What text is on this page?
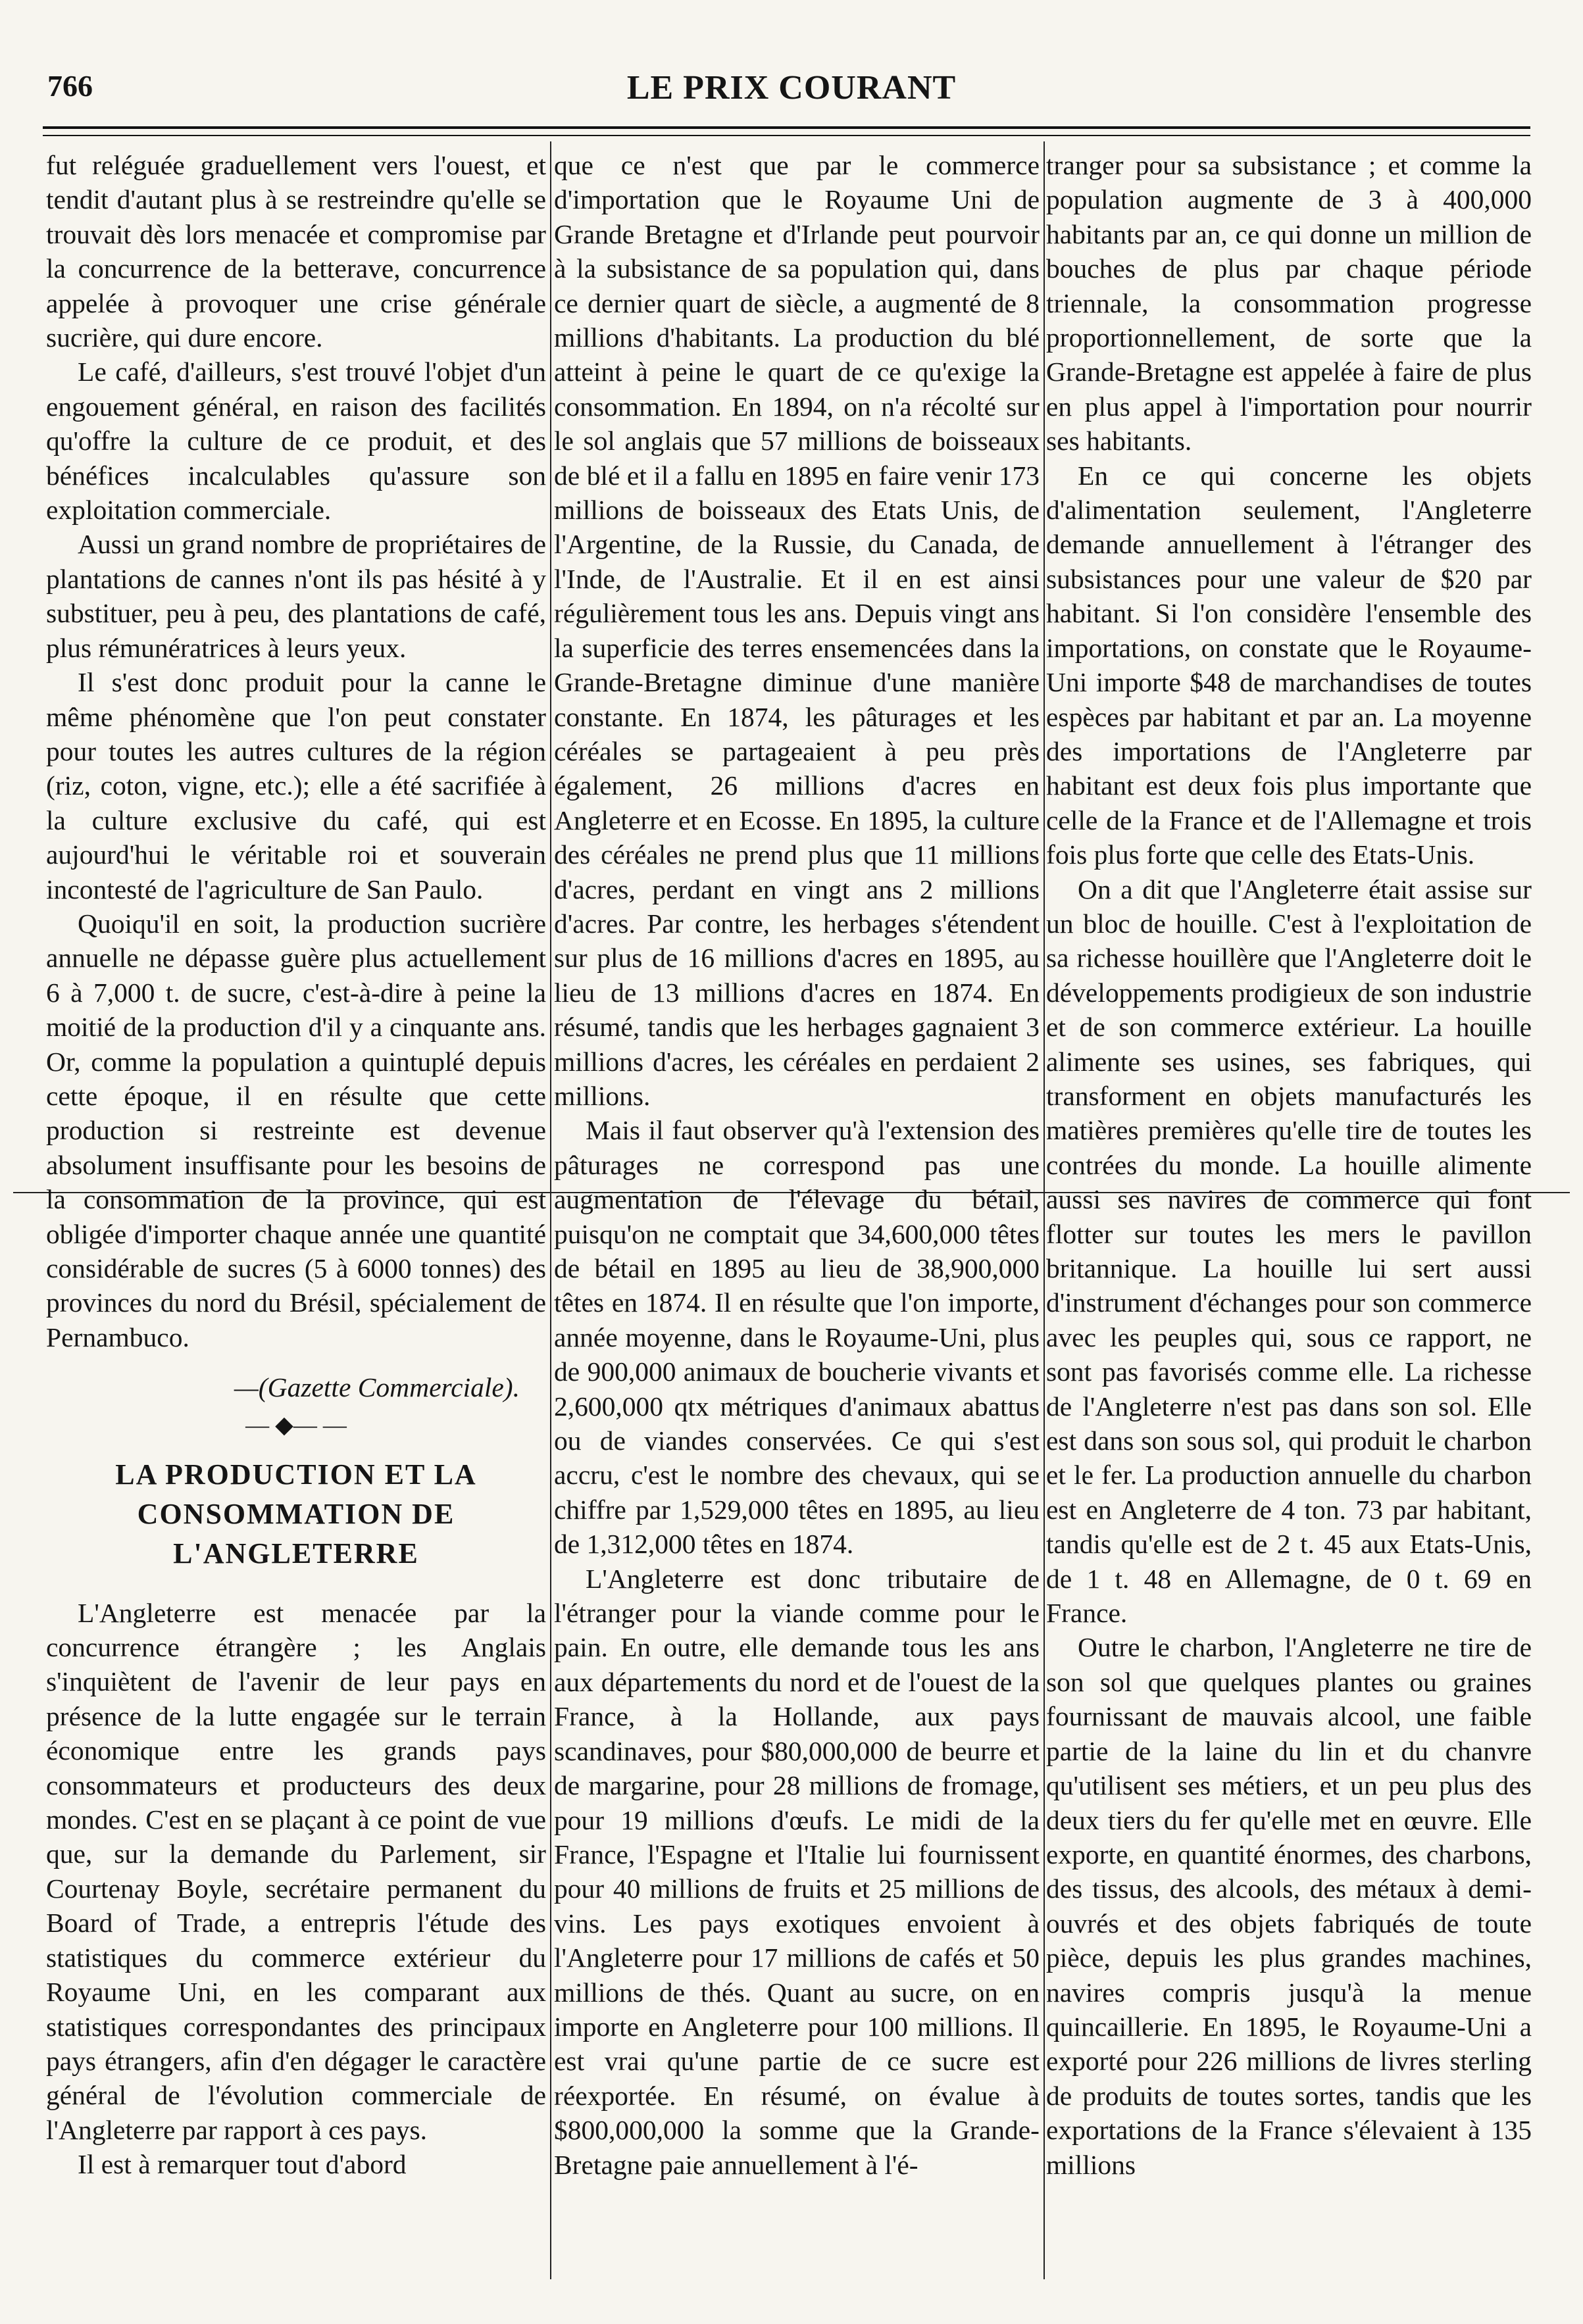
766	LE PRIX COURANT

fut reléguée graduellement vers l'ouest, et tendit d'autant plus à se restreindre qu'elle se trouvait dès lors menacée et compromise par la concurrence de la betterave, concurrence appelée à provoquer une crise générale sucrière, qui dure encore.

Le café, d'ailleurs, s'est trouvé l'objet d'un engouement général, en raison des facilités qu'offre la culture de ce produit, et des bénéfices incalculables qu'assure son exploitation commerciale.

Aussi un grand nombre de propriétaires de plantations de cannes n'ont ils pas hésité à y substituer, peu à peu, des plantations de café, plus rémunératrices à leurs yeux.

Il s'est donc produit pour la canne le même phénomène que l'on peut constater pour toutes les autres cultures de la région (riz, coton, vigne, etc.); elle a été sacrifiée à la culture exclusive du café, qui est aujourd'hui le véritable roi et souverain incontesté de l'agriculture de San Paulo.

Quoiqu'il en soit, la production sucrière annuelle ne dépasse guère plus actuellement 6 à 7,000 t. de sucre, c'est-à-dire à peine la moitié de la production d'il y a cinquante ans. Or, comme la population a quintuplé depuis cette époque, il en résulte que cette production si restreinte est devenue absolument insuffisante pour les besoins de la consommation de la province, qui est obligée d'importer chaque année une quantité considérable de sucres (5 à 6000 tonnes) des provinces du nord du Brésil, spécialement de Pernambuco.

—(Gazette Commerciale).

— ◆— —

LA PRODUCTION ET LA CONSOMMATION DE L'ANGLETERRE

L'Angleterre est menacée par la concurrence étrangère ; les Anglais s'inquiètent de l'avenir de leur pays en présence de la lutte engagée sur le terrain économique entre les grands pays consommateurs et producteurs des deux mondes. C'est en se plaçant à ce point de vue que, sur la demande du Parlement, sir Courtenay Boyle, secrétaire permanent du Board of Trade, a entrepris l'étude des statistiques du commerce extérieur du Royaume Uni, en les comparant aux statistiques correspondantes des principaux pays étrangers, afin d'en dégager le caractère général de l'évolution commerciale de l'Angleterre par rapport à ces pays.

Il est à remarquer tout d'abord

que ce n'est que par le commerce d'importation que le Royaume Uni de Grande Bretagne et d'Irlande peut pourvoir à la subsistance de sa population qui, dans ce dernier quart de siècle, a augmenté de 8 millions d'habitants. La production du blé atteint à peine le quart de ce qu'exige la consommation. En 1894, on n'a récolté sur le sol anglais que 57 millions de boisseaux de blé et il a fallu en 1895 en faire venir 173 millions de boisseaux des Etats Unis, de l'Argentine, de la Russie, du Canada, de l'Inde, de l'Australie. Et il en est ainsi régulièrement tous les ans. Depuis vingt ans la superficie des terres ensemencées dans la Grande-Bretagne diminue d'une manière constante. En 1874, les pâturages et les céréales se partageaient à peu près également, 26 millions d'acres en Angleterre et en Ecosse. En 1895, la culture des céréales ne prend plus que 11 millions d'acres, perdant en vingt ans 2 millions d'acres. Par contre, les herbages s'étendent sur plus de 16 millions d'acres en 1895, au lieu de 13 millions d'acres en 1874. En résumé, tandis que les herbages gagnaient 3 millions d'acres, les céréales en perdaient 2 millions.

Mais il faut observer qu'à l'extension des pâturages ne correspond pas une augmentation de l'élevage du bétail, puisqu'on ne comptait que 34,600,000 têtes de bétail en 1895 au lieu de 38,900,000 têtes en 1874. Il en résulte que l'on importe, année moyenne, dans le Royaume-Uni, plus de 900,000 animaux de boucherie vivants et 2,600,000 qtx métriques d'animaux abattus ou de viandes conservées. Ce qui s'est accru, c'est le nombre des chevaux, qui se chiffre par 1,529,000 têtes en 1895, au lieu de 1,312,000 têtes en 1874.

L'Angleterre est donc tributaire de l'étranger pour la viande comme pour le pain. En outre, elle demande tous les ans aux départements du nord et de l'ouest de la France, à la Hollande, aux pays scandinaves, pour $80,000,000 de beurre et de margarine, pour 28 millions de fromage, pour 19 millions d'œufs. Le midi de la France, l'Espagne et l'Italie lui fournissent pour 40 millions de fruits et 25 millions de vins. Les pays exotiques envoient à l'Angleterre pour 17 millions de cafés et 50 millions de thés. Quant au sucre, on en importe en Angleterre pour 100 millions. Il est vrai qu'une partie de ce sucre est réexportée. En résumé, on évalue à $800,000,000 la somme que la Grande-Bretagne paie annuellement à l'é-

tranger pour sa subsistance ; et comme la population augmente de 3 à 400,000 habitants par an, ce qui donne un million de bouches de plus par chaque période triennale, la consommation progresse proportionnellement, de sorte que la Grande-Bretagne est appelée à faire de plus en plus appel à l'importation pour nourrir ses habitants.

En ce qui concerne les objets d'alimentation seulement, l'Angleterre demande annuellement à l'étranger des subsistances pour une valeur de $20 par habitant. Si l'on considère l'ensemble des importations, on constate que le Royaume-Uni importe $48 de marchandises de toutes espèces par habitant et par an. La moyenne des importations de l'Angleterre par habitant est deux fois plus importante que celle de la France et de l'Allemagne et trois fois plus forte que celle des Etats-Unis.

On a dit que l'Angleterre était assise sur un bloc de houille. C'est à l'exploitation de sa richesse houillère que l'Angleterre doit le développements prodigieux de son industrie et de son commerce extérieur. La houille alimente ses usines, ses fabriques, qui transforment en objets manufacturés les matières premières qu'elle tire de toutes les contrées du monde. La houille alimente aussi ses navires de commerce qui font flotter sur toutes les mers le pavillon britannique. La houille lui sert aussi d'instrument d'échanges pour son commerce avec les peuples qui, sous ce rapport, ne sont pas favorisés comme elle. La richesse de l'Angleterre n'est pas dans son sol. Elle est dans son sous sol, qui produit le charbon et le fer. La production annuelle du charbon est en Angleterre de 4 ton. 73 par habitant, tandis qu'elle est de 2 t. 45 aux Etats-Unis, de 1 t. 48 en Allemagne, de 0 t. 69 en France.

Outre le charbon, l'Angleterre ne tire de son sol que quelques plantes ou graines fournissant de mauvais alcool, une faible partie de la laine du lin et du chanvre qu'utilisent ses métiers, et un peu plus des deux tiers du fer qu'elle met en œuvre. Elle exporte, en quantité énormes, des charbons, des tissus, des alcools, des métaux à demi-ouvrés et des objets fabriqués de toute pièce, depuis les plus grandes machines, navires compris jusqu'à la menue quincaillerie. En 1895, le Royaume-Uni a exporté pour 226 millions de livres sterling de produits de toutes sortes, tandis que les exportations de la France s'élevaient à 135 millions
